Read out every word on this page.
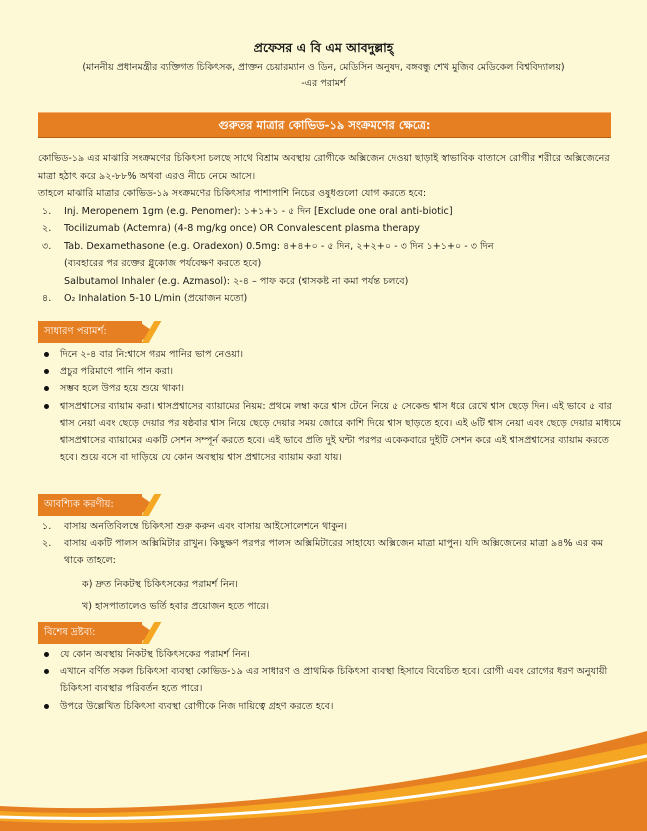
প্রফেসর এ বি এম আবদুল্লাহ্
(মাননীয় প্রধানমন্ত্রীর ব্যক্তিগত চিকিৎসক, প্রাক্তন চেয়ারম্যান ও ডিন, মেডিসিন অনুষদ, বঙ্গবন্ধু শেখ মুজিব মেডিকেল বিশ্ববিদ্যালয়)
-এর পরামর্শ
গুরুতর মাত্রার কোভিড-১৯ সংক্রমণের ক্ষেত্রে:

কোভিড-১৯ এর মাঝারি সংক্রমণের চিকিৎসা চলছে সাথে বিশ্রাম অবস্থায় রোগীকে অক্সিজেন দেওয়া ছাড়াই স্বাভাবিক বাতাসে রোগীর শরীরে অক্সিজেনের মাত্রা হঠাৎ করে ৯২-৮৮% অথবা এরও নীচে নেমে আসে।

তাহলে মাঝারি মাত্রার কোভিড-১৯ সংক্রমণের চিকিৎসার পাশাপাশি নিচের ওষুধগুলো যোগ করতে হবে:

১. Inj. Meropenem 1gm (e.g. Penomer): ১+১+১ - ৫ দিন [Exclude one oral anti-biotic]
২. Tocilizumab (Actemra) (4-8 mg/kg once) OR Convalescent plasma therapy
৩. Tab. Dexamethasone (e.g. Oradexon) 0.5mg: ৪+৪+০ - ৫ দিন, ২+২+০ - ৩ দিন ১+১+০ - ৩ দিন
(ব্যবহারের পর রক্তের গ্লুকোজ পর্যবেক্ষণ করতে হবে)
Salbutamol Inhaler (e.g. Azmasol): ২-৪ – পাফ করে (শ্বাসকষ্ট না কমা পর্যন্ত চলবে)
৪. O₂ Inhalation 5-10 L/min (প্রয়োজন মতো)
সাধারণ পরামর্শ:
দিনে ২-৪ বার নি:শ্বাসে গরম পানির ভাপ নেওয়া।
প্রচুর পরিমাণে পানি পান করা।
সম্ভব হলে উপর হয়ে শুয়ে থাকা।
শ্বাসপ্রশ্বাসের ব্যায়াম করা। শ্বাসপ্রশ্বাসের ব্যায়ামের নিয়ম: প্রথমে লম্বা করে শ্বাস টেনে নিয়ে ৫ সেকেন্ড শ্বাস ধরে রেখে শ্বাস ছেড়ে দিন। এই ভাবে ৫ বার শ্বাস নেয়া এবং ছেড়ে দেয়ার পর ষষ্ঠবার শ্বাস নিয়ে ছেড়ে দেয়ার সময় জোরে কাশি দিয়ে শ্বাস ছাড়তে হবে। এই ৬টি শ্বাস নেয়া এবং ছেড়ে দেয়ার মাধ্যমে শ্বাসপ্রশ্বাসের ব্যায়ামের একটি সেশন সম্পূর্ন করতে হবে। এই ভাবে প্রতি দুই ঘন্টা পরপর একেকবারে দুইটি সেশন করে এই শ্বাসপ্রশ্বাসের ব্যায়াম করতে হবে। শুয়ে বসে বা দাড়িয়ে যে কোন অবস্থায় শ্বাস প্রশ্বাসের ব্যায়াম করা যায়।
আবশ্যিক করণীয়:
১. বাসায় অনতিবিলম্বে চিকিৎসা শুরু করুন এবং বাসায় আইসোলেশনে থাকুন।
২. বাসায় একটি পালস অক্সিমিটার রাখুন। কিছুক্ষণ পরপর পালস অক্সিমিটারের সাহায্যে অক্সিজেন মাত্রা মাপুন। যদি অক্সিজেনের মাত্রা ৯৪% এর কম থাকে তাহলে:
ক) দ্রুত নিকটস্থ চিকিৎসকের পরামর্শ নিন।
খ) হাসপাতালেও ভর্তি হবার প্রয়োজন হতে পারে।
বিশেষ দ্রষ্টব্য:
যে কোন অবস্থায় নিকটস্থ চিকিৎসকের পরামর্শ নিন।
এখানে বর্ণিত সকল চিকিৎসা ব্যবস্থা কোভিড-১৯ এর সাধারণ ও প্রাথমিক চিকিৎসা ব্যবস্থা হিসাবে বিবেচিত হবে। রোগী এবং রোগের ধরণ অনুযায়ী চিকিৎসা ব্যবস্থার পরিবর্তন হতে পারে।
উপরে উল্লেখিত চিকিৎসা ব্যবস্থা রোগীকে নিজ দায়িত্বে গ্রহণ করতে হবে।
